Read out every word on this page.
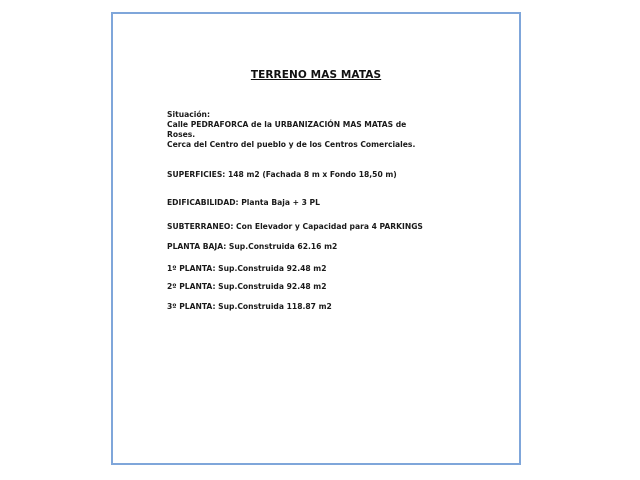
TERRENO MAS MATAS
Situación:
Calle PEDRAFORCA de la URBANIZACIÓN MAS MATAS de
Roses.
Cerca del Centro del pueblo y de los Centros Comerciales.
SUPERFICIES: 148 m2 (Fachada 8 m x Fondo 18,50 m)
EDIFICABILIDAD: Planta Baja + 3 PL
SUBTERRANEO: Con Elevador y Capacidad para 4 PARKINGS
PLANTA BAJA: Sup.Construida 62.16 m2
1º PLANTA: Sup.Construida 92.48 m2
2º PLANTA: Sup.Construida 92.48 m2
3º PLANTA: Sup.Construida 118.87 m2
